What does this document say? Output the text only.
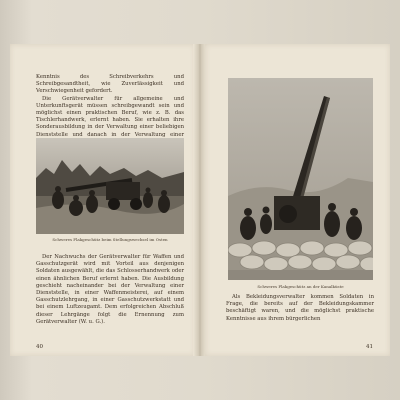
Kenntnis des Schreibverkehrs und Schreibgesandtheit, wie Zuverlässigkeit und Verschwiegenheit gefordert.

Die Gerätverwalter für allgemeine und Unterkunftsgerät müssen schreibgewandt sein und möglichst einen praktischen Beruf, wie z. B. das Tischlerhandwerk, erlernt haben. Sie erhalten ihre Sonderausbildung in der Verwaltung einer beliebigen Dienststelle und danach in der Verwaltung einer

Schweres Flakgeschütz beim Stellungswechsel im Osten

Der Nachwuchs der Gerätverwalter für Waffen und Gasschutzgerät wird mit Vorteil aus denjenigen Soldaten ausgewählt, die das Schlosserhandwerk oder einen ähnlichen Beruf erlernt haben. Die Ausbildung geschieht nacheinander bei der Verwaltung einer Dienststelle, in einer Waffenmeisterei, auf einem Gasschutzlehrgang, in einer Gasschutzwerkstatt und bei einem Luftzeugamt. Dem erfolgreichen Abschluß dieser Lehrgänge folgt die Ernennung zum Gerätverwalter (W. u. G.).

40
Schweres Flakgeschütz an der Kanalküste

Als Bekleidungsverwalter kommen Soldaten in Frage, die bereits auf der Bekleidungskammer beschäftigt waren, und die möglichst praktische Kenntnisse aus ihrem bürgerlichen

41
